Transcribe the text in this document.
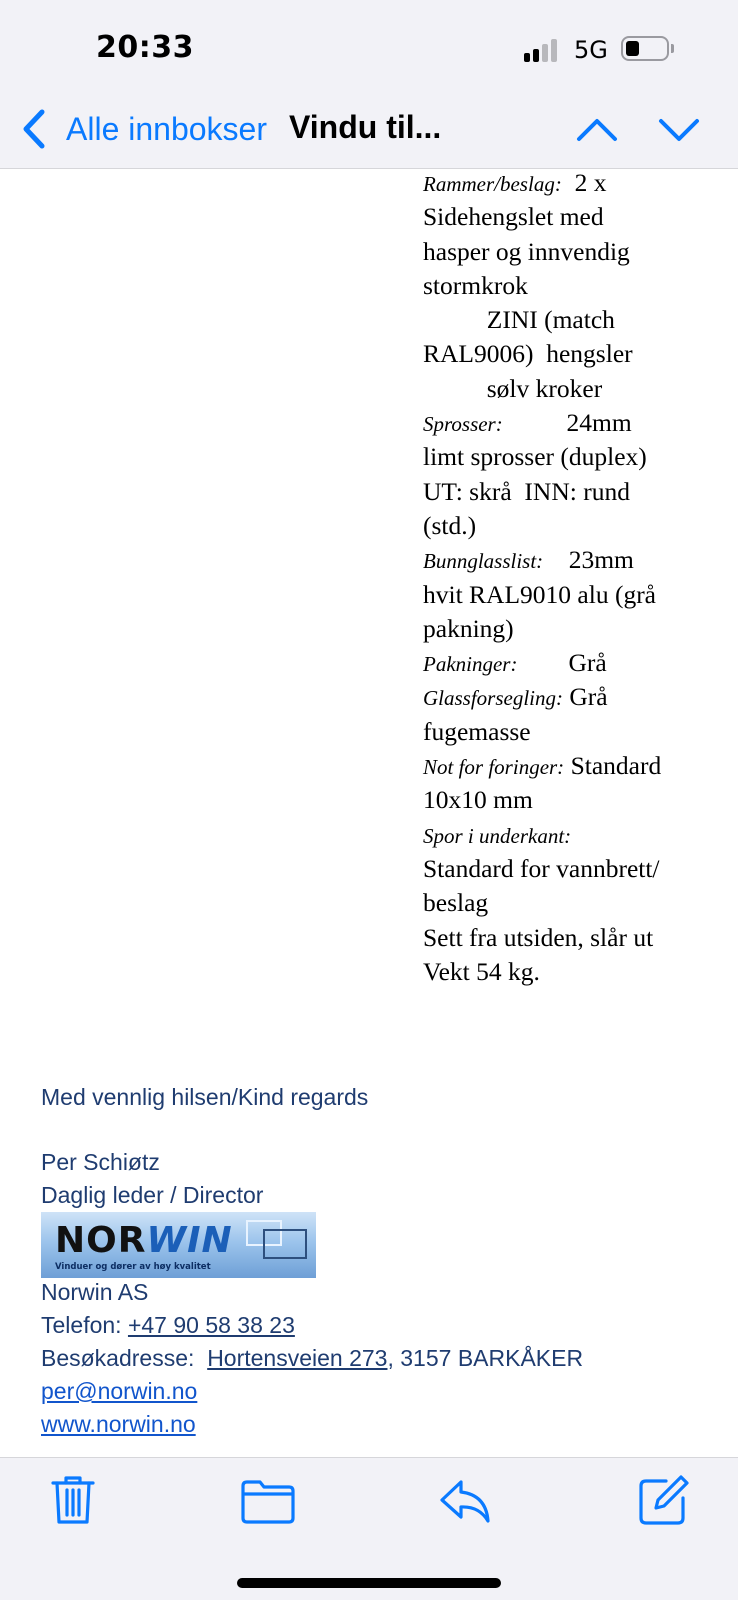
20:33	5G
Alle innbokser Vindu til...
Rammer/beslag:  2 x
Sidehengslet med
hasper og innvendig
stormkrok
ZINI (match
RAL9006)  hengsler
sølv kroker
Sprosser:          24mm
limt sprosser (duplex)
UT: skrå  INN: rund
(std.)
Bunnglasslist:    23mm
hvit RAL9010 alu (grå
pakning)
Pakninger:        Grå
Glassforsegling: Grå
fugemasse
Not for foringer: Standard
10x10 mm
Spor i underkant:
Standard for vannbrett/
beslag
Sett fra utsiden, slår ut
Vekt 54 kg.
Med vennlig hilsen/Kind regards
Per Schiøtz
Daglig leder / Director
Norwin AS
Telefon: +47 90 58 38 23
Besøkadresse:  Hortensveien 273, 3157 BARKÅKER
per@norwin.no
www.norwin.no
NORWIN
Vinduer og dører av høy kvalitet
